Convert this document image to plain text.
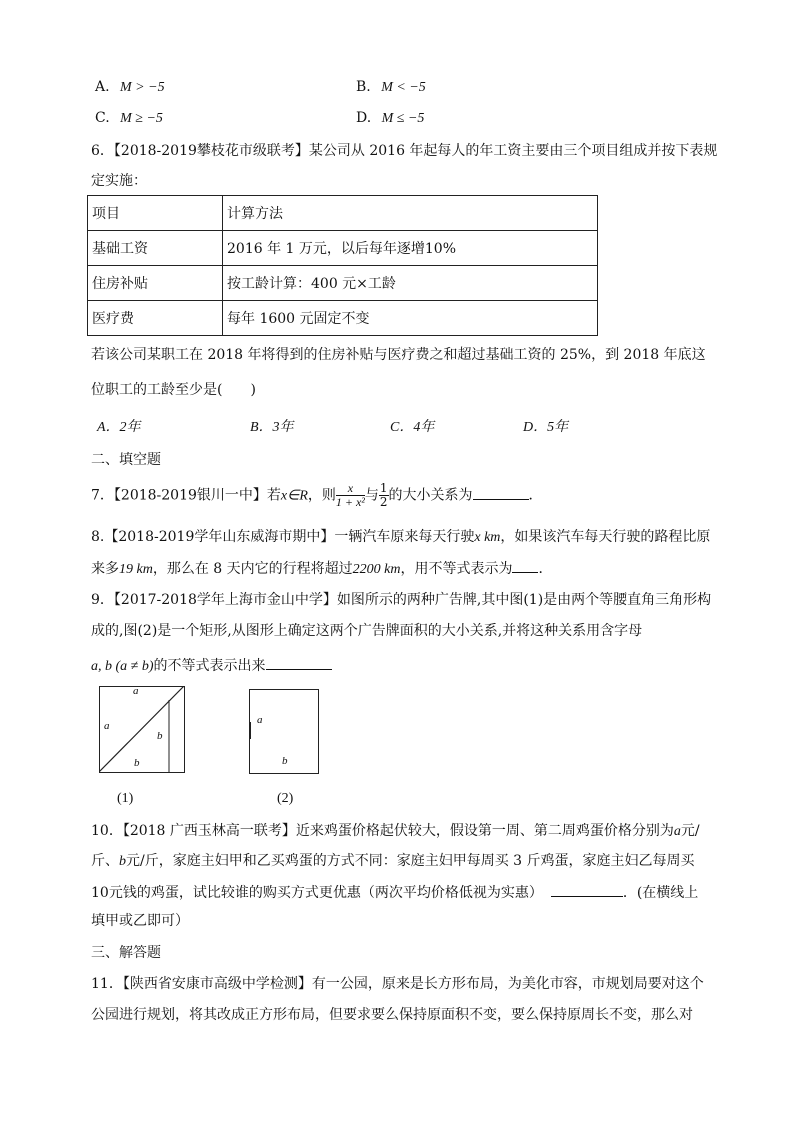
A. M > −5	B. M < −5
C. M ≥ −5	D. M ≤ −5
6．【2018-2019攀枝花市级联考】某公司从 2016 年起每人的年工资主要由三个项目组成并按下表规
定实施：
项目	计算方法
基础工资	2016 年 1 万元，以后每年逐增10%
住房补贴	按工龄计算：400 元×工龄
医疗费	每年 1600 元固定不变
若该公司某职工在 2018 年将得到的住房补贴与医疗费之和超过基础工资的 25%，到 2018 年底这
位职工的工龄至少是(　　)
A．2年	B．3年	C．4年	D．5年
二、填空题
7．【2018-2019银川一中】若x∈R，则 $\frac{x}{\text{1 + x²}}$ 与 $\frac{1}{2}$ 的大小关系为	．
8.【2018-2019学年山东威海市期中】一辆汽车原来每天行驶x km，如果该汽车每天行驶的路程比原
来多19 km，那么在 8 天内它的行程将超过2200 km，用不等式表示为 ．
9．【2017-2018学年上海市金山中学】如图所示的两种广告牌,其中图(1)是由两个等腰直角三角形构
成的,图(2)是一个矩形,从图形上确定这两个广告牌面积的大小关系,并将这种关系用含字母
a, b (a ≠ b)的不等式表示出来
a
a
b
b
(1)
a
b
(2)
10．【2018 广西玉林高一联考】近来鸡蛋价格起伏较大，假设第一周、第二周鸡蛋价格分别为a元/
斤、b元/斤，家庭主妇甲和乙买鸡蛋的方式不同：家庭主妇甲每周买 3 斤鸡蛋，家庭主妇乙每周买
10元钱的鸡蛋，试比较谁的购买方式更优惠（两次平均价格低视为实惠）	．(在横线上
填甲或乙即可）
三、解答题
11．【陕西省安康市高级中学检测】有一公园，原来是长方形布局，为美化市容，市规划局要对这个
公园进行规划，将其改成正方形布局，但要求要么保持原面积不变，要么保持原周长不变，那么对
